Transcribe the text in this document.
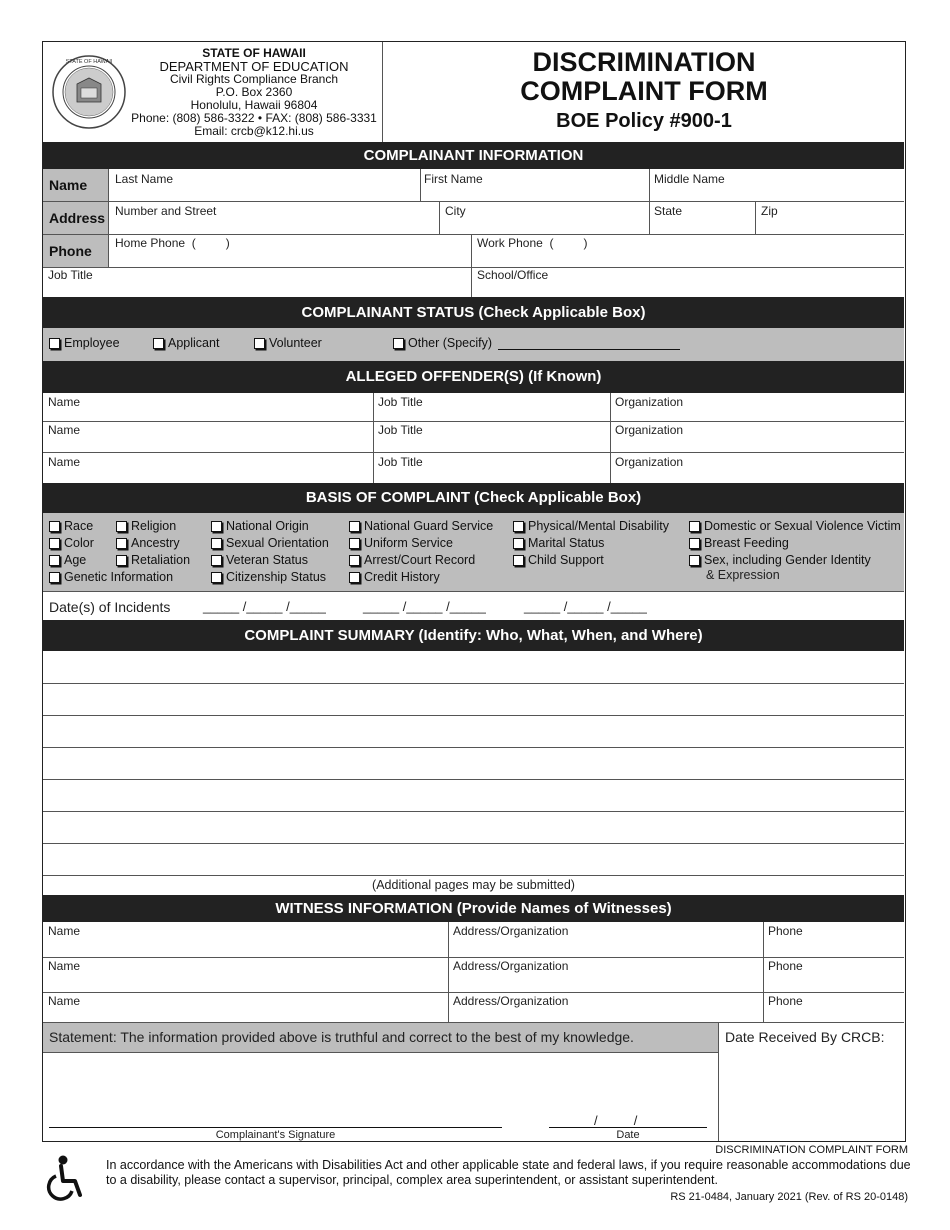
STATE OF HAWAII
STATE OF HAWAII
DEPARTMENT OF EDUCATION
Civil Rights Compliance Branch
P.O. Box 2360
Honolulu, Hawaii 96804
Phone: (808) 586-3322 • FAX: (808) 586-3331
Email: crcb@k12.hi.us
DISCRIMINATION
COMPLAINT FORM
BOE Policy #900-1
COMPLAINANT INFORMATION
Name	Last Name	First Name	Middle Name
Address Number and Street	City	State	Zip
Phone	Home Phone  (         )	Work Phone  (         )
Job Title	School/Office
COMPLAINANT STATUS (Check Applicable Box)
Employee	Applicant	Volunteer	Other (Specify)
ALLEGED OFFENDER(S) (If Known)
Name	Job Title	Organization
Name	Job Title	Organization
Name	Job Title	Organization
BASIS OF COMPLAINT (Check Applicable Box)
Race
Color
Age
Genetic Information
Religion
Ancestry
Retaliation
National Origin
Sexual Orientation
Veteran Status
Citizenship Status
National Guard Service
Uniform Service
Arrest/Court Record
Credit History
Physical/Mental Disability
Marital Status
Child Support
Domestic or Sexual Violence Victim
Breast Feeding
Sex, including Gender Identity
& Expression
Date(s) of Incidents	_____ /_____ /_____	_____ /_____ /_____	_____ /_____ /_____
COMPLAINT SUMMARY (Identify: Who, What, When, and Where)
(Additional pages may be submitted)
WITNESS INFORMATION (Provide Names of Witnesses)
Name	Address/Organization	Phone
Name	Address/Organization	Phone
Name	Address/Organization	Phone
Statement: The information provided above is truthful and correct to the best of my knowledge.	Date Received By CRCB:
Complainant's Signature
/          /
Date
DISCRIMINATION COMPLAINT FORM
In accordance with the Americans with Disabilities Act and other applicable state and federal laws, if you require reasonable accommodations due to a disability, please contact a supervisor, principal, complex area superintendent, or assistant superintendent.
RS 21-0484, January 2021 (Rev. of RS 20-0148)
